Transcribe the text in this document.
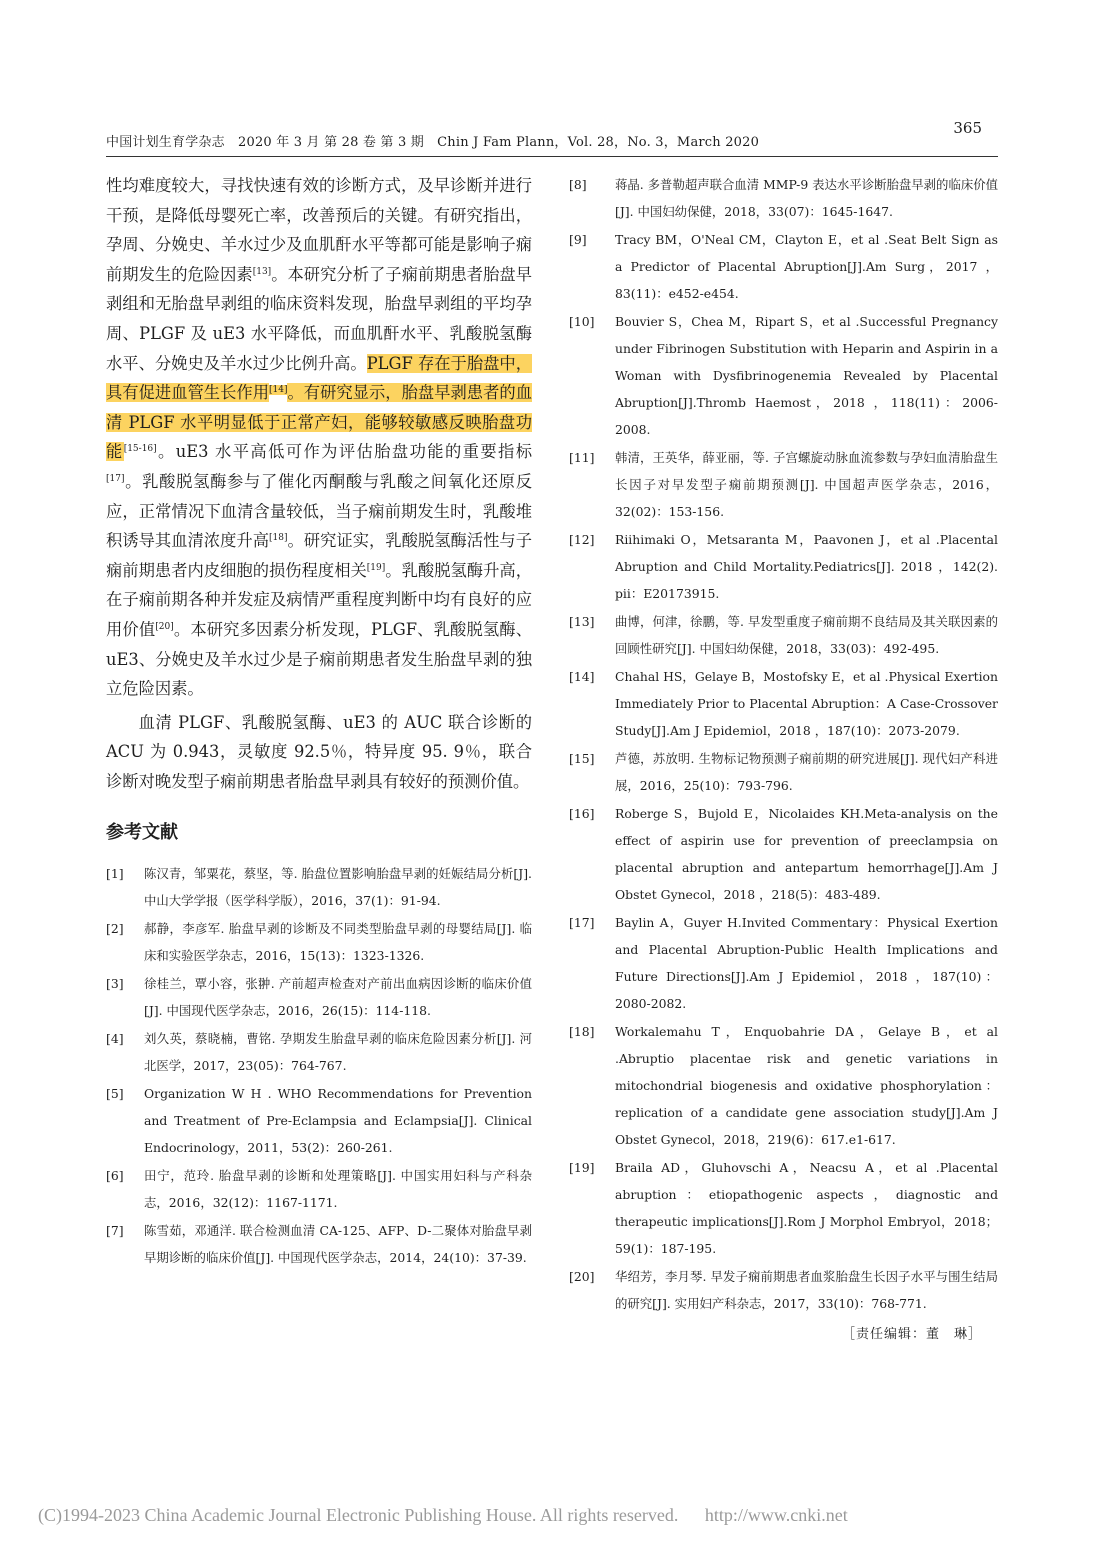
中国计划生育学杂志　2020 年 3 月 第 28 卷 第 3 期　Chin J Fam Plann，Vol. 28，No. 3，March 2020
365

性均难度较大，寻找快速有效的诊断方式，及早诊断并进行干预，是降低母婴死亡率，改善预后的关键。有研究指出，孕周、分娩史、羊水过少及血肌酐水平等都可能是影响子痫前期发生的危险因素[13]。本研究分析了子痫前期患者胎盘早剥组和无胎盘早剥组的临床资料发现，胎盘早剥组的平均孕周、PLGF 及 uE3 水平降低，而血肌酐水平、乳酸脱氢酶水平、分娩史及羊水过少比例升高。PLGF 存在于胎盘中，具有促进血管生长作用[14]。有研究显示，胎盘早剥患者的血清 PLGF 水平明显低于正常产妇，能够较敏感反映胎盘功能[15-16]。uE3 水平高低可作为评估胎盘功能的重要指标[17]。乳酸脱氢酶参与了催化丙酮酸与乳酸之间氧化还原反应，正常情况下血清含量较低，当子痫前期发生时，乳酸堆积诱导其血清浓度升高[18]。研究证实，乳酸脱氢酶活性与子痫前期患者内皮细胞的损伤程度相关[19]。乳酸脱氢酶升高，在子痫前期各种并发症及病情严重程度判断中均有良好的应用价值[20]。本研究多因素分析发现，PLGF、乳酸脱氢酶、uE3、分娩史及羊水过少是子痫前期患者发生胎盘早剥的独立危险因素。

血清 PLGF、乳酸脱氢酶、uE3 的 AUC 联合诊断的 ACU 为 0.943，灵敏度 92.5％，特异度 95. 9％，联合诊断对晚发型子痫前期患者胎盘早剥具有较好的预测价值。

参考文献
[1]	陈汉青，邹粟花，蔡坚，等. 胎盘位置影响胎盘早剥的妊娠结局分析[J]. 中山大学学报（医学科学版），2016，37(1)：91-94.
[2]	郝静，李彦军. 胎盘早剥的诊断及不同类型胎盘早剥的母婴结局[J]. 临床和实验医学杂志，2016，15(13)：1323-1326.
[3]	徐桂兰，覃小容，张翀. 产前超声检查对产前出血病因诊断的临床价值[J]. 中国现代医学杂志，2016，26(15)：114-118.
[4]	刘久英，蔡晓楠，曹铭. 孕期发生胎盘早剥的临床危险因素分析[J]. 河北医学，2017，23(05)：764-767.
[5]	Organization W H . WHO Recommendations for Prevention and Treatment of Pre-Eclampsia and Eclampsia[J]. Clinical Endocrinology，2011，53(2)：260-261.
[6]	田宁，范玲. 胎盘早剥的诊断和处理策略[J]. 中国实用妇科与产科杂志，2016，32(12)：1167-1171.
[7]	陈雪茹，邓通洋. 联合检测血清 CA-125、AFP、D-二聚体对胎盘早剥早期诊断的临床价值[J]. 中国现代医学杂志，2014，24(10)：37-39.
[8]	蒋晶. 多普勒超声联合血清 MMP-9 表达水平诊断胎盘早剥的临床价值[J]. 中国妇幼保健，2018，33(07)：1645-1647.
[9]	Tracy BM，O'Neal CM，Clayton E，et al .Seat Belt Sign as a Predictor of Placental Abruption[J].Am Surg，2017 ，83(11)：e452-e454.
[10]	Bouvier S，Chea M，Ripart S，et al .Successful Pregnancy under Fibrinogen Substitution with Heparin and Aspirin in a Woman with Dysfibrinogenemia Revealed by Placental Abruption[J].Thromb Haemost，2018 ，118(11)：2006-2008.
[11]	韩清，王英华，薛亚丽，等. 子宫螺旋动脉血流参数与孕妇血清胎盘生长因子对早发型子痫前期预测[J]. 中国超声医学杂志，2016，32(02)：153-156.
[12]	Riihimaki O，Metsaranta M，Paavonen J，et al .Placental Abruption and Child Mortality.Pediatrics[J]. 2018 ，142(2). pii：E20173915.
[13]	曲博，何津，徐鹏，等. 早发型重度子痫前期不良结局及其关联因素的回顾性研究[J]. 中国妇幼保健，2018，33(03)：492-495.
[14]	Chahal HS，Gelaye B，Mostofsky E，et al .Physical Exertion Immediately Prior to Placental Abruption：A Case-Crossover Study[J].Am J Epidemiol，2018 ，187(10)：2073-2079.
[15]	芦德，苏放明. 生物标记物预测子痫前期的研究进展[J]. 现代妇产科进展，2016，25(10)：793-796.
[16]	Roberge S，Bujold E，Nicolaides KH.Meta-analysis on the effect of aspirin use for prevention of preeclampsia on placental abruption and antepartum hemorrhage[J].Am J Obstet Gynecol，2018 ，218(5)：483-489.
[17]	Baylin A，Guyer H.Invited Commentary：Physical Exertion and Placental Abruption-Public Health Implications and Future Directions[J].Am J Epidemiol，2018 ，187(10)：2080-2082.
[18]	Workalemahu T，Enquobahrie DA，Gelaye B，et al .Abruptio placentae risk and genetic variations in mitochondrial biogenesis and oxidative phosphorylation：replication of a candidate gene association study[J].Am J Obstet Gynecol，2018，219(6)：617.e1-617.
[19]	Braila AD，Gluhovschi A，Neacsu A，et al .Placental abruption：etiopathogenic aspects，diagnostic and therapeutic implications[J].Rom J Morphol Embryol，2018；59(1)：187-195.
[20]	华绍芳，李月琴. 早发子痫前期患者血浆胎盘生长因子水平与围生结局的研究[J]. 实用妇产科杂志，2017，33(10)：768-771.
［责任编辑：董　琳］
(C)1994-2023 China Academic Journal Electronic Publishing House. All rights reserved. http://www.cnki.net
